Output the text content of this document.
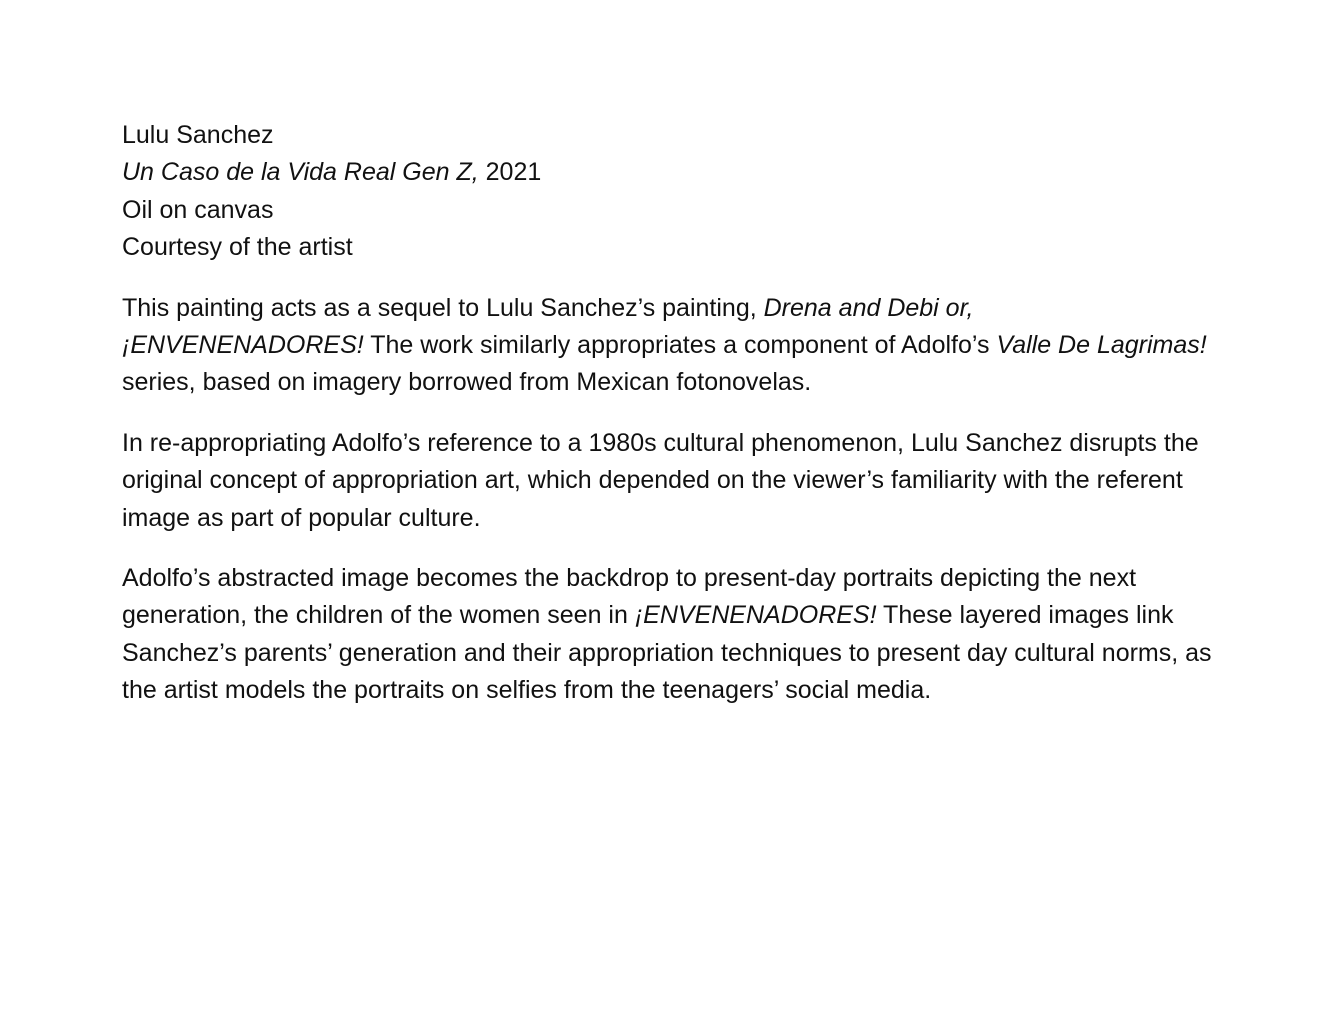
Lulu Sanchez

Un Caso de la Vida Real Gen Z, 2021

Oil on canvas

Courtesy of the artist

This painting acts as a sequel to Lulu Sanchez’s painting, Drena and Debi or, ¡ENVENENADORES! The work similarly appropriates a component of Adolfo’s Valle De Lagrimas! series, based on imagery borrowed from Mexican fotonovelas.

In re-appropriating Adolfo’s reference to a 1980s cultural phenomenon, Lulu Sanchez disrupts the original concept of appropriation art, which depended on the viewer’s familiarity with the referent image as part of popular culture.

Adolfo’s abstracted image becomes the backdrop to present-day portraits depicting the next generation, the children of the women seen in ¡ENVENENADORES! These layered images link Sanchez’s parents’ generation and their appropriation techniques to present day cultural norms, as the artist models the portraits on selfies from the teenagers’ social media.
